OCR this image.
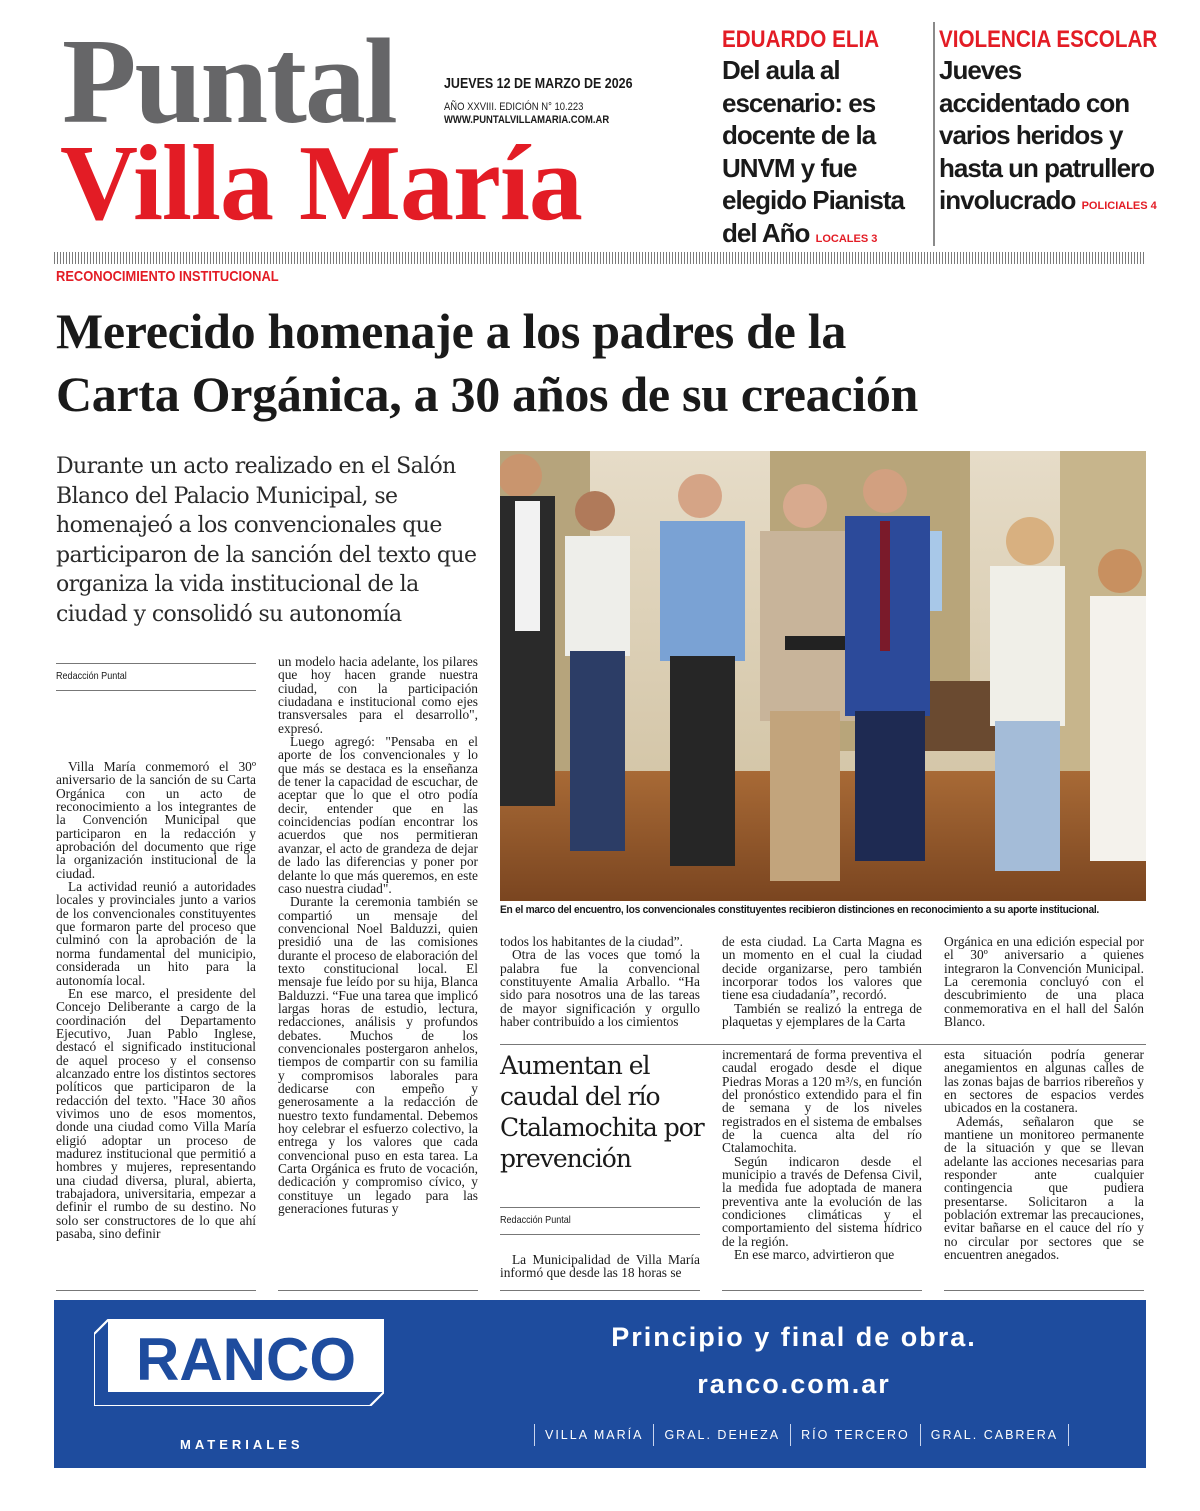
Puntal
Villa María
JUEVES 12 DE MARZO DE 2026
AÑO XXVIII. EDICIÓN N° 10.223
WWW.PUNTALVILLAMARIA.COM.AR
EDUARDO ELIA
Del aula al escenario: es docente de la UNVM y fue elegido Pianista del Año LOCALES 3
VIOLENCIA ESCOLAR
Jueves accidentado con varios heridos y hasta un patrullero involucrado POLICIALES 4
RECONOCIMIENTO INSTITUCIONAL
Merecido homenaje a los padres de la
Carta Orgánica, a 30 años de su creación
Durante un acto realizado en el Salón Blanco del Palacio Municipal, se homenajeó a los convencionales que participaron de la sanción del texto que organiza la vida institucional de la ciudad y consolidó su autonomía
En el marco del encuentro, los convencionales constituyentes recibieron distinciones en reconocimiento a su aporte institucional.
Redacción Puntal

Villa María conmemoró el 30º aniversario de la sanción de su Carta Orgánica con un acto de reconocimiento a los integrantes de la Convención Municipal que participaron en la redacción y aprobación del documento que rige la organización institucional de la ciudad.

La actividad reunió a autoridades locales y provinciales junto a varios de los convencionales constituyentes que formaron parte del proceso que culminó con la aprobación de la norma fundamental del municipio, considerada un hito para la autonomía local.

En ese marco, el presidente del Concejo Deliberante a cargo de la coordinación del Departamento Ejecutivo, Juan Pablo Inglese, destacó el significado institucional de aquel proceso y el consenso alcanzado entre los distintos sectores políticos que participaron de la redacción del texto. "Hace 30 años vivimos uno de esos momentos, donde una ciudad como Villa María eligió adoptar un proceso de madurez institucional que permitió a hombres y mujeres, representando una ciudad diversa, plural, abierta, trabajadora, universitaria, empezar a definir el rumbo de su destino. No solo ser constructores de lo que ahí pasaba, sino definir

un modelo hacia adelante, los pilares que hoy hacen grande nuestra ciudad, con la participación ciudadana e institucional como ejes transversales para el desarrollo", expresó.

Luego agregó: "Pensaba en el aporte de los convencionales y lo que más se destaca es la enseñanza de tener la capacidad de escuchar, de aceptar que lo que el otro podía decir, entender que en las coincidencias podían encontrar los acuerdos que nos permitieran avanzar, el acto de grandeza de dejar de lado las diferencias y poner por delante lo que más queremos, en este caso nuestra ciudad".

Durante la ceremonia también se compartió un mensaje del convencional Noel Balduzzi, quien presidió una de las comisiones durante el proceso de elaboración del texto constitucional local. El mensaje fue leído por su hija, Blanca Balduzzi. “Fue una tarea que implicó largas horas de estudio, lectura, redacciones, análisis y profundos debates. Muchos de los convencionales postergaron anhelos, tiempos de compartir con su familia y compromisos laborales para dedicarse con empeño y generosamente a la redacción de nuestro texto fundamental. Debemos hoy celebrar el esfuerzo colectivo, la entrega y los valores que cada convencional puso en esta tarea. La Carta Orgánica es fruto de vocación, dedicación y compromiso cívico, y constituye un legado para las generaciones futuras y

todos los habitantes de la ciudad”.

Otra de las voces que tomó la palabra fue la convencional constituyente Amalia Arballo. “Ha sido para nosotros una de las tareas de mayor significación y orgullo haber contribuido a los cimientos

de esta ciudad. La Carta Magna es un momento en el cual la ciudad decide organizarse, pero también incorporar todos los valores que tiene esa ciudadanía”, recordó.

También se realizó la entrega de plaquetas y ejemplares de la Carta

Orgánica en una edición especial por el 30º aniversario a quienes integraron la Convención Municipal. La ceremonia concluyó con el descubrimiento de una placa conmemorativa en el hall del Salón Blanco.

Aumentan el caudal del río Ctalamochita por prevención
Redacción Puntal

La Municipalidad de Villa María informó que desde las 18 horas se

incrementará de forma preventiva el caudal erogado desde el dique Piedras Moras a 120 m³/s, en función del pronóstico extendido para el fin de semana y de los niveles registrados en el sistema de embalses de la cuenca alta del río Ctalamochita.

Según indicaron desde el municipio a través de Defensa Civil, la medida fue adoptada de manera preventiva ante la evolución de las condiciones climáticas y el comportamiento del sistema hídrico de la región.

En ese marco, advirtieron que

esta situación podría generar anegamientos en algunas calles de las zonas bajas de barrios ribereños y en sectores de espacios verdes ubicados en la costanera.

Además, señalaron que se mantiene un monitoreo permanente de la situación y que se llevan adelante las acciones necesarias para responder ante cualquier contingencia que pudiera presentarse. Solicitaron a la población extremar las precauciones, evitar bañarse en el cauce del río y no circular por sectores que se encuentren anegados.

RANCO
MATERIALES
Principio y final de obra.
ranco.com.ar
VILLA MARÍA	GRAL. DEHEZA	RÍO TERCERO	GRAL. CABRERA
